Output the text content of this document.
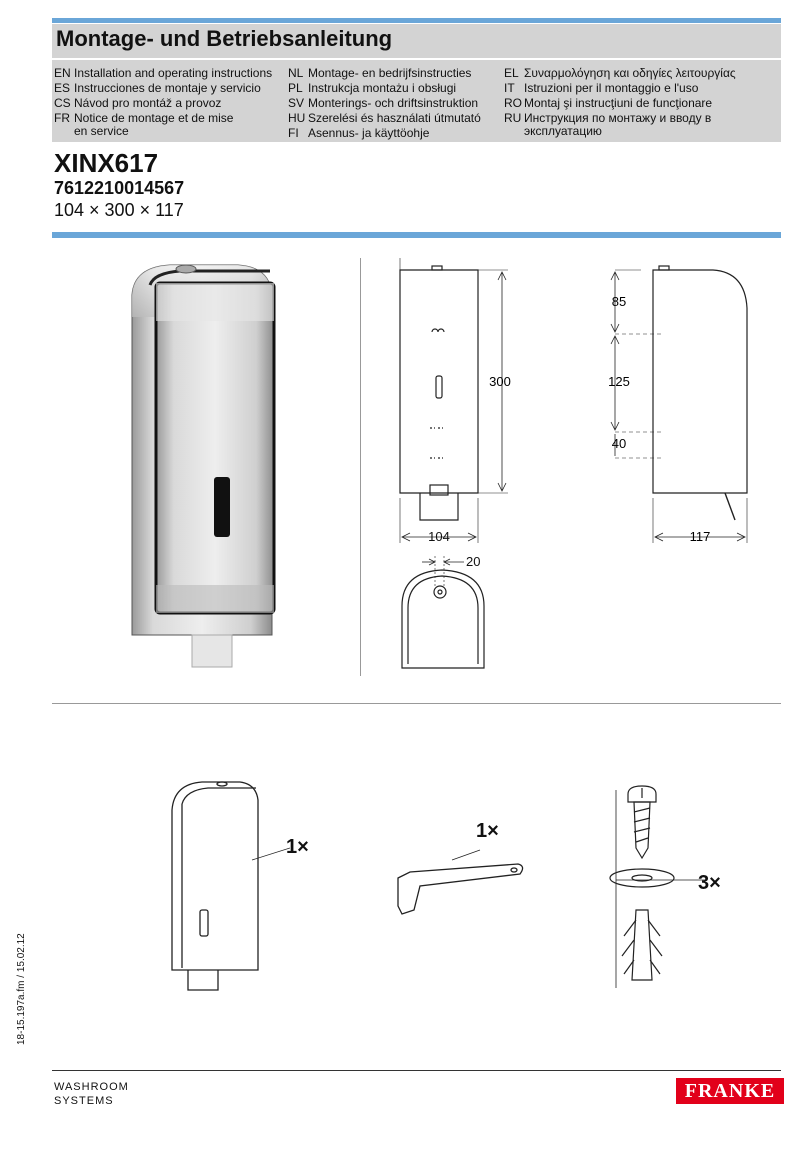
Montage- und Betriebsanleitung
EN Installation and operating instructions
ES Instrucciones de montaje y servicio
CS Návod pro montáž a provoz
FR Notice de montage et de mise
en service
NL Montage- en bedrijfsinstructies
PL Instrukcja montażu i obsługi
SV Monterings- och driftsinstruktion
HU Szerelési és használati útmutató
FI Asennus- ja käyttöohje
EL Συναρμολόγηση και οδηγίες λειτουργίας
IT Istruzioni per il montaggio e l'uso
RO Montaj şi instrucţiuni de funcţionare
RU Инструкция по монтажу и вводу в
эксплуатацию
XINX617
7612210014567
104 × 300 × 117
300
104
20
85
125
40
117
1×
1×
3×
18-15.197a.fm / 15.02.12
WASHROOM
SYSTEMS	FRANKE
